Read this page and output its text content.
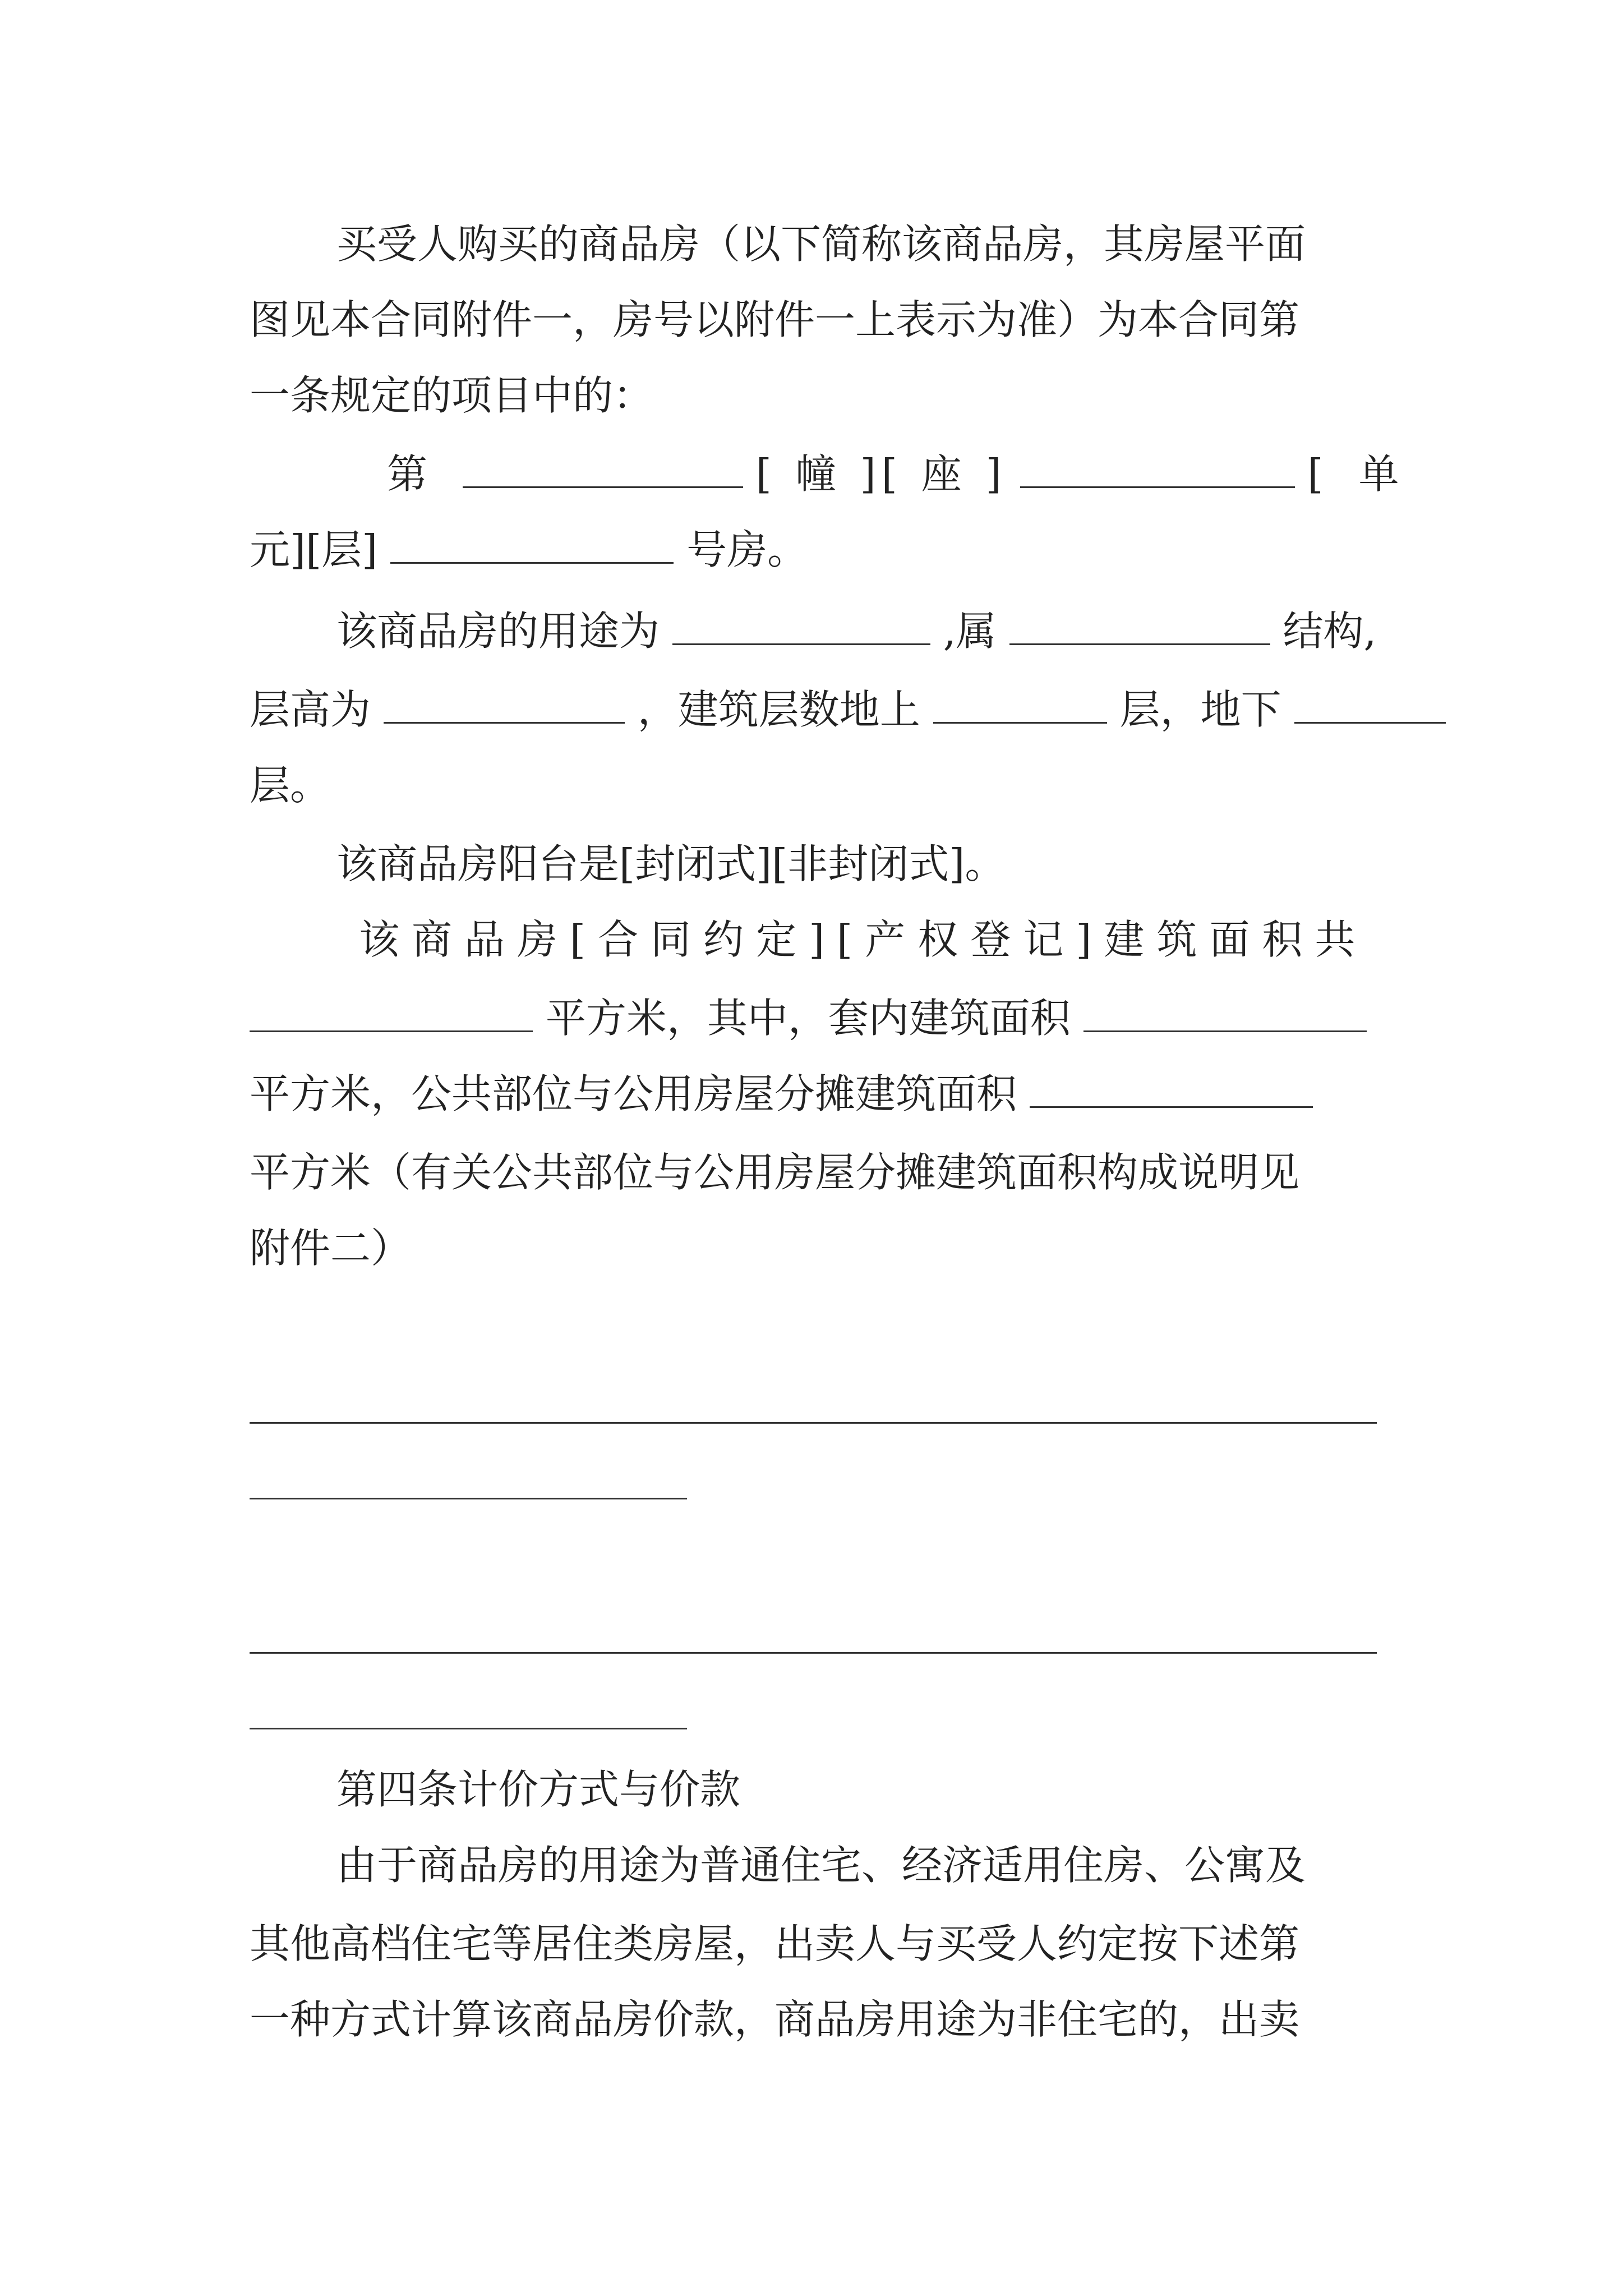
买受人购买的商品房（以下简称该商品房，其房屋平面
图见本合同附件一，房号以附件一上表示为准）为本合同第
一条规定的项目中的：
第	[ 幢 ][ 座 ]	[ 单
元][层]	号房。
该商品房的用途为	,属	结构,
层高为	，建筑层数地上	层，地下
层。
该商品房阳台是[封闭式][非封闭式]。
该商品房[合同约定][产权登记]建筑面积共
平方米，其中，套内建筑面积
平方米，公共部位与公用房屋分摊建筑面积
平方米（有关公共部位与公用房屋分摊建筑面积构成说明见
附件二）
第四条计价方式与价款
由于商品房的用途为普通住宅、经济适用住房、公寓及
其他高档住宅等居住类房屋，出卖人与买受人约定按下述第
一种方式计算该商品房价款，商品房用途为非住宅的，出卖
